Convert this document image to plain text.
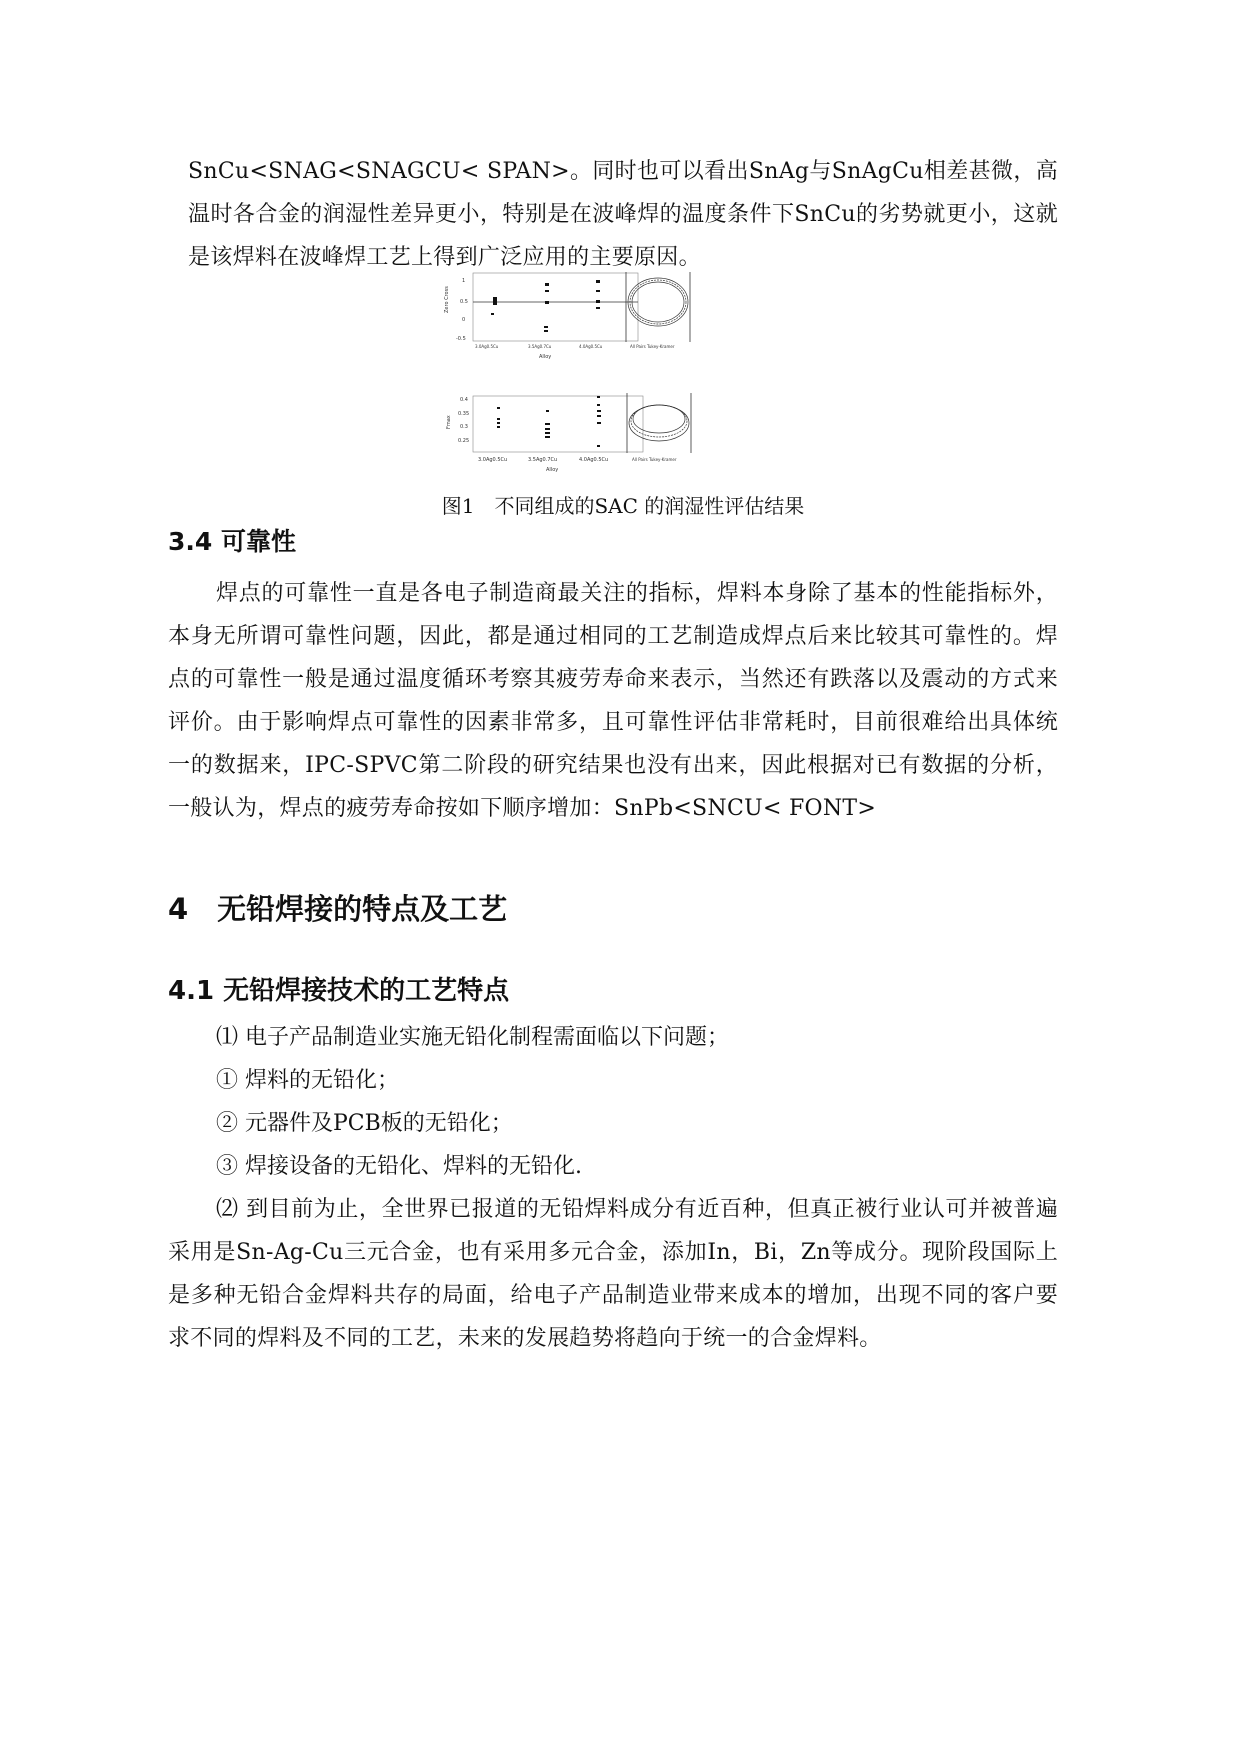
SnCu<SNAG<SNAGCU< SPAN>。同时也可以看出SnAg与SnAgCu相差甚微，高温时各合金的润湿性差异更小，特别是在波峰焊的温度条件下SnCu的劣势就更小，这就是该焊料在波峰焊工艺上得到广泛应用的主要原因。

Zero Cross
1
0.5
0
-0.5
3.0Ag0.5Cu	3.5Ag0.7Cu	4.0Ag0.5Cu
Alloy
All Pairs Tukey-Kramer
Fmax
0.4
0.35
0.3
0.25
3.0Ag0.5Cu	3.5Ag0.7Cu	4.0Ag0.5Cu
Alloy
All Pairs Tukey-Kramer
图1　不同组成的SAC 的润湿性评估结果
3.4 可靠性

焊点的可靠性一直是各电子制造商最关注的指标，焊料本身除了基本的性能指标外，本身无所谓可靠性问题，因此，都是通过相同的工艺制造成焊点后来比较其可靠性的。焊点的可靠性一般是通过温度循环考察其疲劳寿命来表示，当然还有跌落以及震动的方式来评价。由于影响焊点可靠性的因素非常多，且可靠性评估非常耗时，目前很难给出具体统一的数据来，IPC-SPVC第二阶段的研究结果也没有出来，因此根据对已有数据的分析，一般认为，焊点的疲劳寿命按如下顺序增加：SnPb<SNCU< FONT>

4　无铅焊接的特点及工艺
4.1 无铅焊接技术的工艺特点

⑴ 电子产品制造业实施无铅化制程需面临以下问题；

① 焊料的无铅化；

② 元器件及PCB板的无铅化；

③ 焊接设备的无铅化、焊料的无铅化.

⑵ 到目前为止，全世界已报道的无铅焊料成分有近百种，但真正被行业认可并被普遍采用是Sn-Ag-Cu三元合金，也有采用多元合金，添加In，Bi，Zn等成分。现阶段国际上是多种无铅合金焊料共存的局面，给电子产品制造业带来成本的增加，出现不同的客户要求不同的焊料及不同的工艺，未来的发展趋势将趋向于统一的合金焊料。
